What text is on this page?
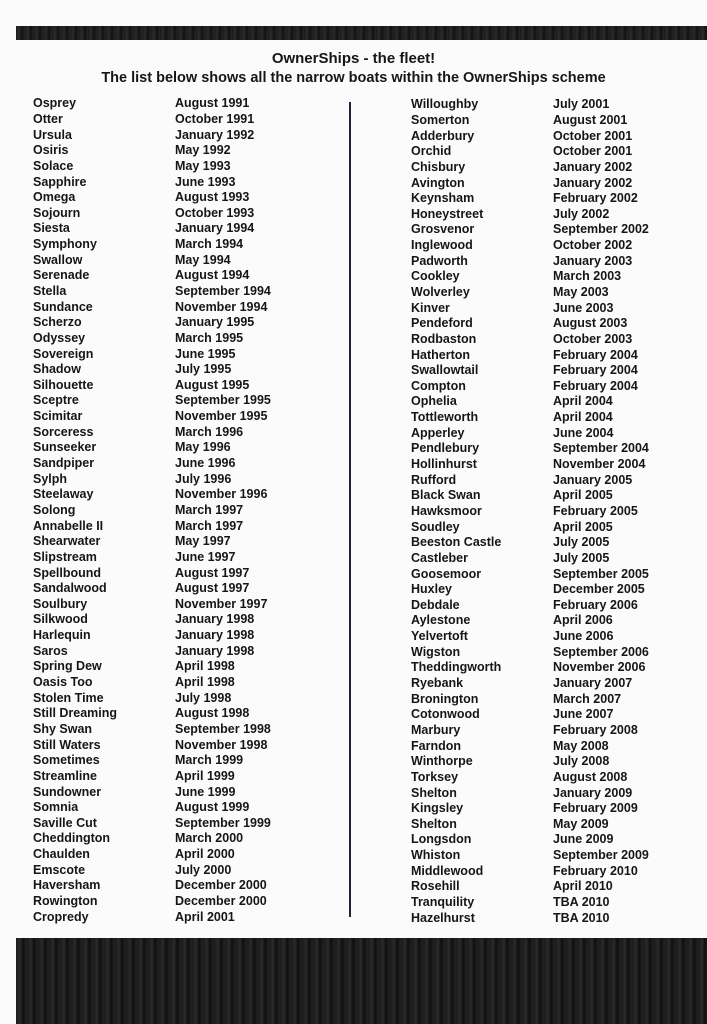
OwnerShips - the fleet!
The list below shows all the narrow boats within the OwnerShips scheme
Osprey	August 1991
Otter	October 1991
Ursula	January 1992
Osiris	May 1992
Solace	May 1993
Sapphire	June 1993
Omega	August 1993
Sojourn	October 1993
Siesta	January 1994
Symphony	March 1994
Swallow	May 1994
Serenade	August 1994
Stella	September 1994
Sundance	November 1994
Scherzo	January 1995
Odyssey	March 1995
Sovereign	June 1995
Shadow	July 1995
Silhouette	August 1995
Sceptre	September 1995
Scimitar	November 1995
Sorceress	March 1996
Sunseeker	May 1996
Sandpiper	June 1996
Sylph	July 1996
Steelaway	November 1996
Solong	March 1997
Annabelle II	March 1997
Shearwater	May 1997
Slipstream	June 1997
Spellbound	August 1997
Sandalwood	August 1997
Soulbury	November 1997
Silkwood	January 1998
Harlequin	January 1998
Saros	January 1998
Spring Dew	April 1998
Oasis Too	April 1998
Stolen Time	July 1998
Still Dreaming	August 1998
Shy Swan	September 1998
Still Waters	November 1998
Sometimes	March 1999
Streamline	April 1999
Sundowner	June 1999
Somnia	August 1999
Saville Cut	September 1999
Cheddington	March 2000
Chaulden	April 2000
Emscote	July 2000
Haversham	December 2000
Rowington	December 2000
Cropredy	April 2001
Willoughby	July 2001
Somerton	August 2001
Adderbury	October 2001
Orchid	October 2001
Chisbury	January 2002
Avington	January 2002
Keynsham	February 2002
Honeystreet	July 2002
Grosvenor	September 2002
Inglewood	October 2002
Padworth	January 2003
Cookley	March 2003
Wolverley	May 2003
Kinver	June 2003
Pendeford	August 2003
Rodbaston	October 2003
Hatherton	February 2004
Swallowtail	February 2004
Compton	February 2004
Ophelia	April 2004
Tottleworth	April 2004
Apperley	June 2004
Pendlebury	September 2004
Hollinhurst	November 2004
Rufford	January 2005
Black Swan	April 2005
Hawksmoor	February 2005
Soudley	April 2005
Beeston Castle	July 2005
Castleber	July 2005
Goosemoor	September 2005
Huxley	December 2005
Debdale	February 2006
Aylestone	April 2006
Yelvertoft	June 2006
Wigston	September 2006
Theddingworth	November 2006
Ryebank	January 2007
Bronington	March 2007
Cotonwood	June 2007
Marbury	February 2008
Farndon	May 2008
Winthorpe	July 2008
Torksey	August 2008
Shelton	January 2009
Kingsley	February 2009
Shelton	May 2009
Longsdon	June 2009
Whiston	September 2009
Middlewood	February 2010
Rosehill	April 2010
Tranquility	TBA 2010
Hazelhurst	TBA 2010
